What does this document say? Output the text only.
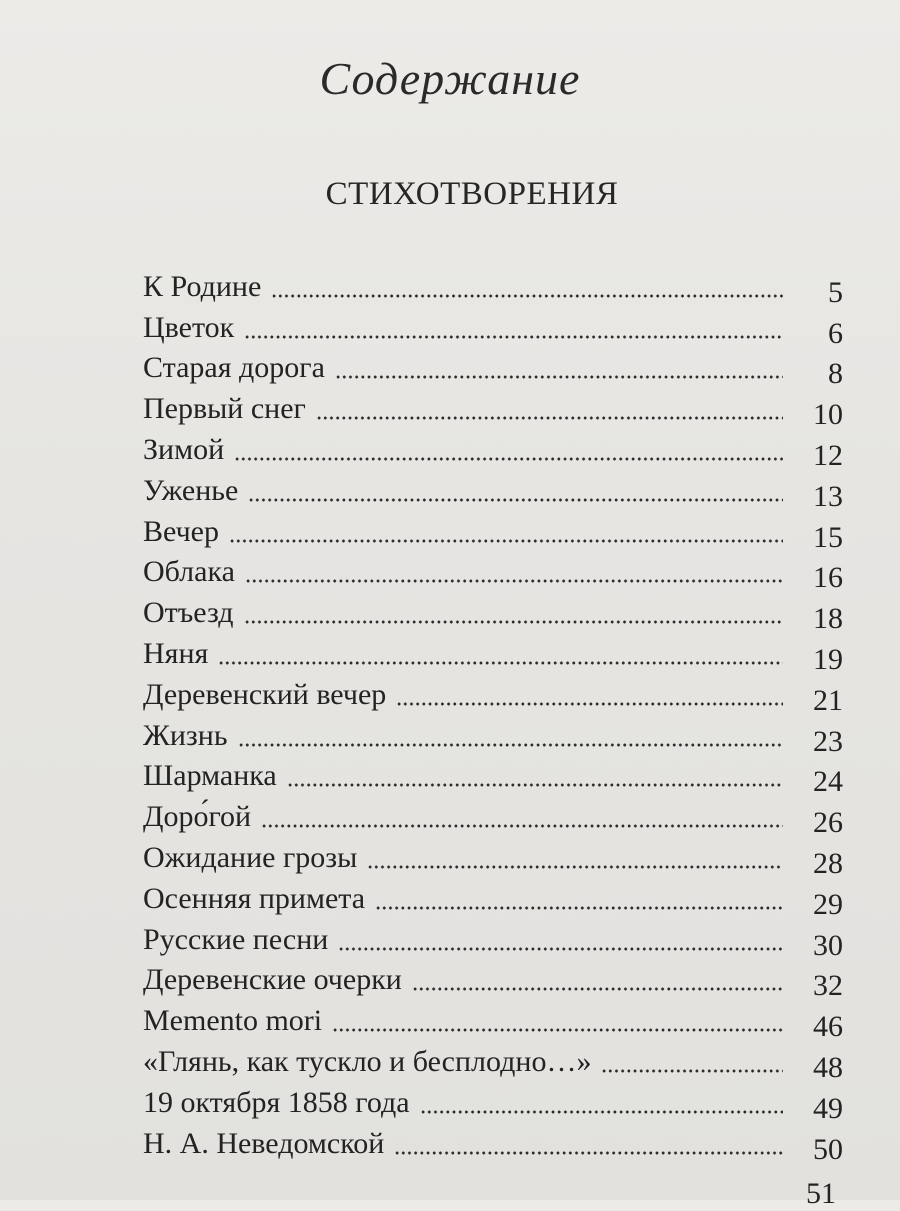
Содержание
СТИХОТВОРЕНИЯ
К Родине	5
Цветок	6
Старая дорога	8
Первый снег	10
Зимой	12
Уженье	13
Вечер	15
Облака	16
Отъезд	18
Няня	19
Деревенский вечер	21
Жизнь	23
Шарманка	24
Доро́гой	26
Ожидание грозы	28
Осенняя примета	29
Русские песни	30
Деревенские очерки	32
Memento mori	46
«Глянь, как тускло и бесплодно…»	48
19 октября 1858 года	49
Н. А. Неведомской	50
51
